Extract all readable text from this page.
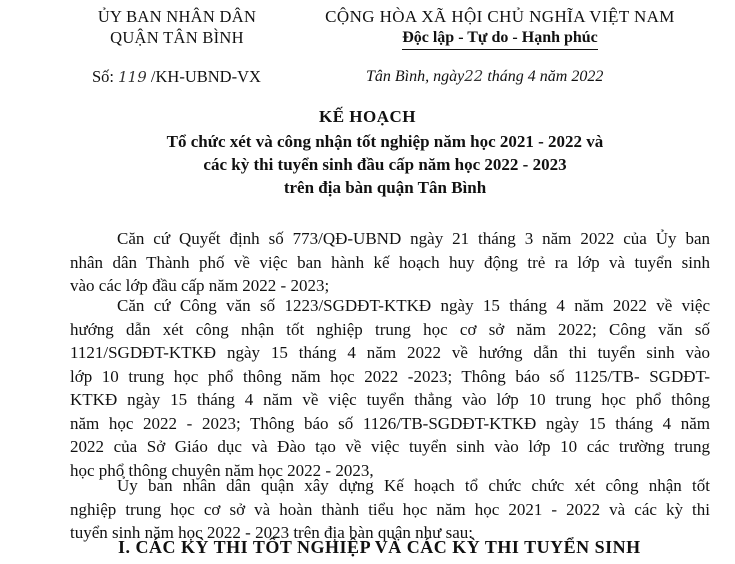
ỦY BAN NHÂN DÂN
QUẬN TÂN BÌNH
CỘNG HÒA XÃ HỘI CHỦ NGHĨA VIỆT NAM
Độc lập - Tự do - Hạnh phúc
Số: 119 /KH-UBND-VX	Tân Bình, ngày22 tháng 4 năm 2022
KẾ HOẠCH
Tổ chức xét và công nhận tốt nghiệp năm học 2021 - 2022 và
các kỳ thi tuyển sinh đầu cấp năm học 2022 - 2023
trên địa bàn quận Tân Bình
Căn cứ Quyết định số 773/QĐ-UBND ngày 21 tháng 3 năm 2022 của Ủy ban
nhân dân Thành phố về việc ban hành kế hoạch huy động trẻ ra lớp và tuyển sinh
vào các lớp đầu cấp năm 2022 - 2023;
Căn cứ Công văn số 1223/SGDĐT-KTKĐ ngày 15 tháng 4 năm 2022 về việc
hướng dẫn xét công nhận tốt nghiệp trung học cơ sở năm 2022; Công văn số
1121/SGDĐT-KTKĐ ngày 15 tháng 4 năm 2022 về hướng dẫn thi tuyển sinh vào
lớp 10 trung học phổ thông năm học 2022 -2023; Thông báo số 1125/TB- SGDĐT-
KTKĐ ngày 15 tháng 4 năm về việc tuyển thẳng vào lớp 10 trung học phổ thông
năm học 2022 - 2023; Thông báo số 1126/TB-SGDĐT-KTKĐ ngày 15 tháng 4 năm
2022 của Sở Giáo dục và Đào tạo về việc tuyển sinh vào lớp 10 các trường trung
học phổ thông chuyên năm học 2022 - 2023,
Ủy ban nhân dân quận xây dựng Kế hoạch tổ chức chức xét công nhận tốt
nghiệp trung học cơ sở và hoàn thành tiểu học năm học 2021 - 2022 và các kỳ thi
tuyển sinh năm học 2022 - 2023 trên địa bàn quận như sau:
I. CÁC KỲ THI TỐT NGHIỆP VÀ CÁC KỲ THI TUYỂN SINH
